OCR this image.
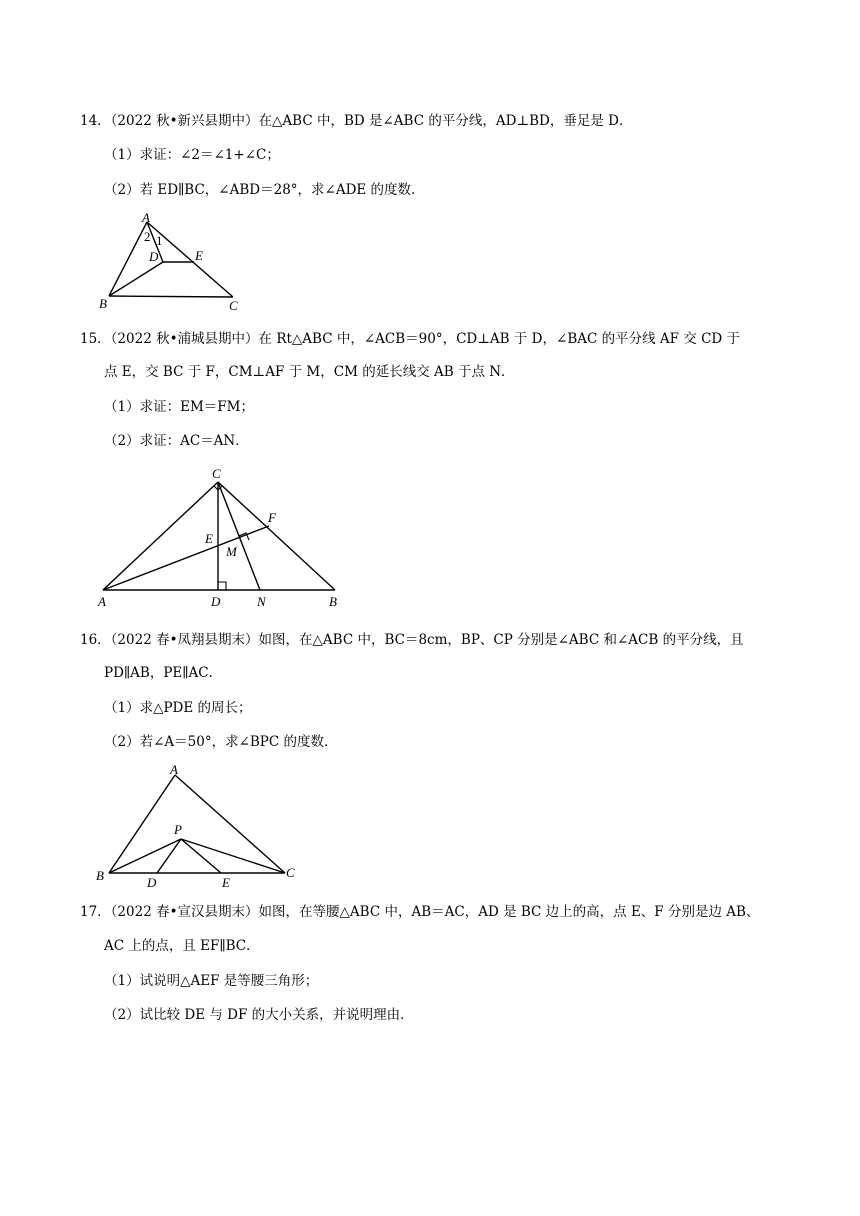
14．（2022 秋•新兴县期中）在△ABC 中，BD 是∠ABC 的平分线，AD⊥BD，垂足是 D．
（1）求证：∠2＝∠1+∠C；
（2）若 ED∥BC，∠ABD＝28°，求∠ADE 的度数．
A
B	C
D	E
2 1
15．（2022 秋•浦城县期中）在 Rt△ABC 中，∠ACB＝90°，CD⊥AB 于 D，∠BAC 的平分线 AF 交 CD 于
点 E，交 BC 于 F，CM⊥AF 于 M，CM 的延长线交 AB 于点 N．
（1）求证：EM＝FM；
（2）求证：AC＝AN．
C
A	D	N	B
E
M
F
16．（2022 春•凤翔县期末）如图，在△ABC 中，BC＝8cm，BP、CP 分别是∠ABC 和∠ACB 的平分线，且
PD∥AB，PE∥AC．
（1）求△PDE 的周长；
（2）若∠A＝50°，求∠BPC 的度数．
A
B	C
D	E
P
17．（2022 春•宣汉县期末）如图，在等腰△ABC 中，AB＝AC，AD 是 BC 边上的高，点 E、F 分别是边 AB、
AC 上的点，且 EF∥BC．
（1）试说明△AEF 是等腰三角形；
（2）试比较 DE 与 DF 的大小关系，并说明理由．
